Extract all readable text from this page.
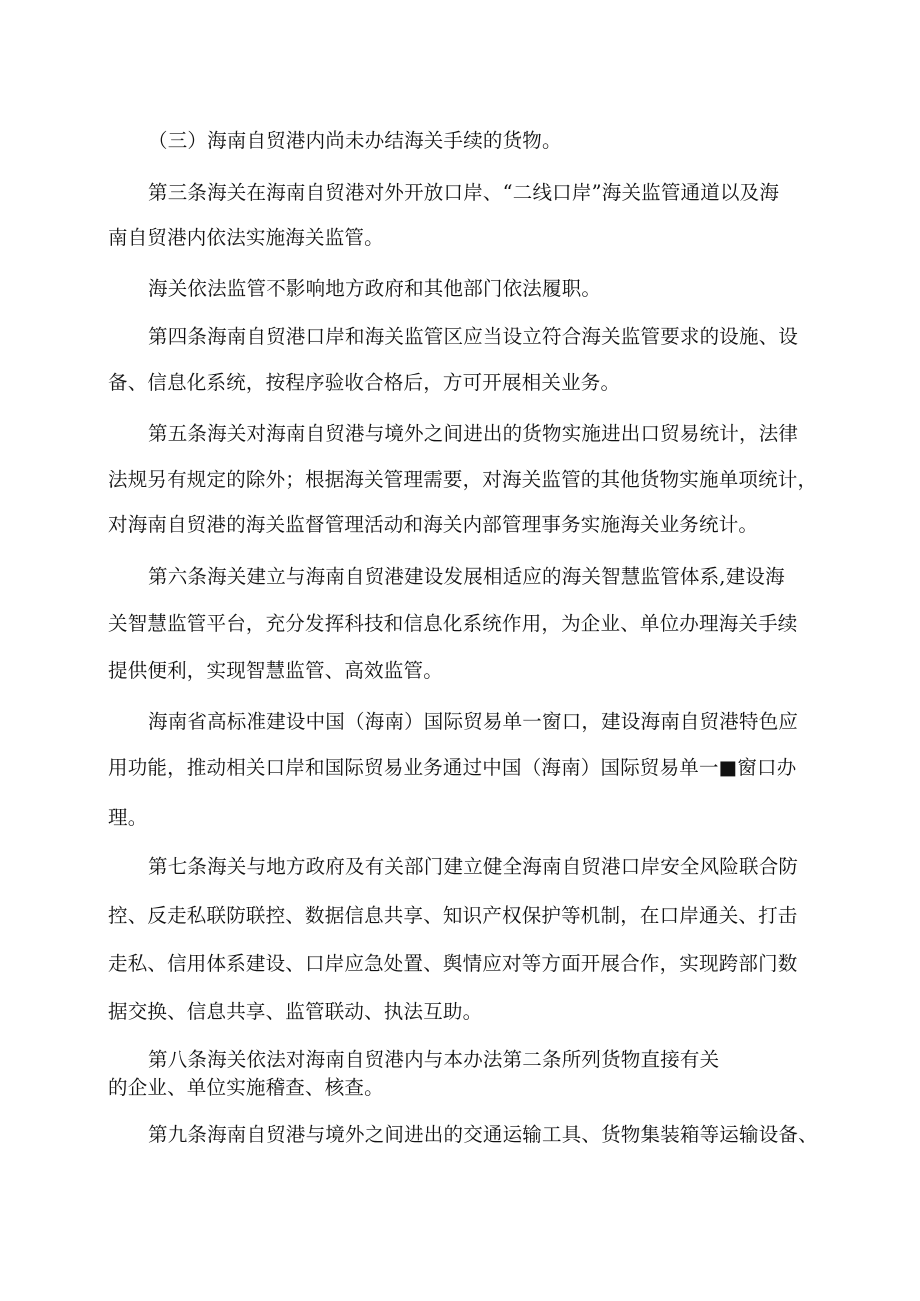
（三）海南自贸港内尚未办结海关手续的货物。
第三条海关在海南自贸港对外开放口岸、“二线口岸”海关监管通道以及海
南自贸港内依法实施海关监管。
海关依法监管不影响地方政府和其他部门依法履职。
第四条海南自贸港口岸和海关监管区应当设立符合海关监管要求的设施、设
备、信息化系统，按程序验收合格后，方可开展相关业务。
第五条海关对海南自贸港与境外之间进出的货物实施进出口贸易统计，法律
法规另有规定的除外；根据海关管理需要，对海关监管的其他货物实施单项统计，
对海南自贸港的海关监督管理活动和海关内部管理事务实施海关业务统计。
第六条海关建立与海南自贸港建设发展相适应的海关智慧监管体系,建设海
关智慧监管平台，充分发挥科技和信息化系统作用，为企业、单位办理海关手续
提供便利，实现智慧监管、高效监管。
海南省高标准建设中国（海南）国际贸易单一窗口，建设海南自贸港特色应
用功能，推动相关口岸和国际贸易业务通过中国（海南）国际贸易单一■窗口办
理。
第七条海关与地方政府及有关部门建立健全海南自贸港口岸安全风险联合防
控、反走私联防联控、数据信息共享、知识产权保护等机制，在口岸通关、打击
走私、信用体系建设、口岸应急处置、舆情应对等方面开展合作，实现跨部门数
据交换、信息共享、监管联动、执法互助。
第八条海关依法对海南自贸港内与本办法第二条所列货物直接有关
的企业、单位实施稽查、核查。
第九条海南自贸港与境外之间进出的交通运输工具、货物集装箱等运输设备、
